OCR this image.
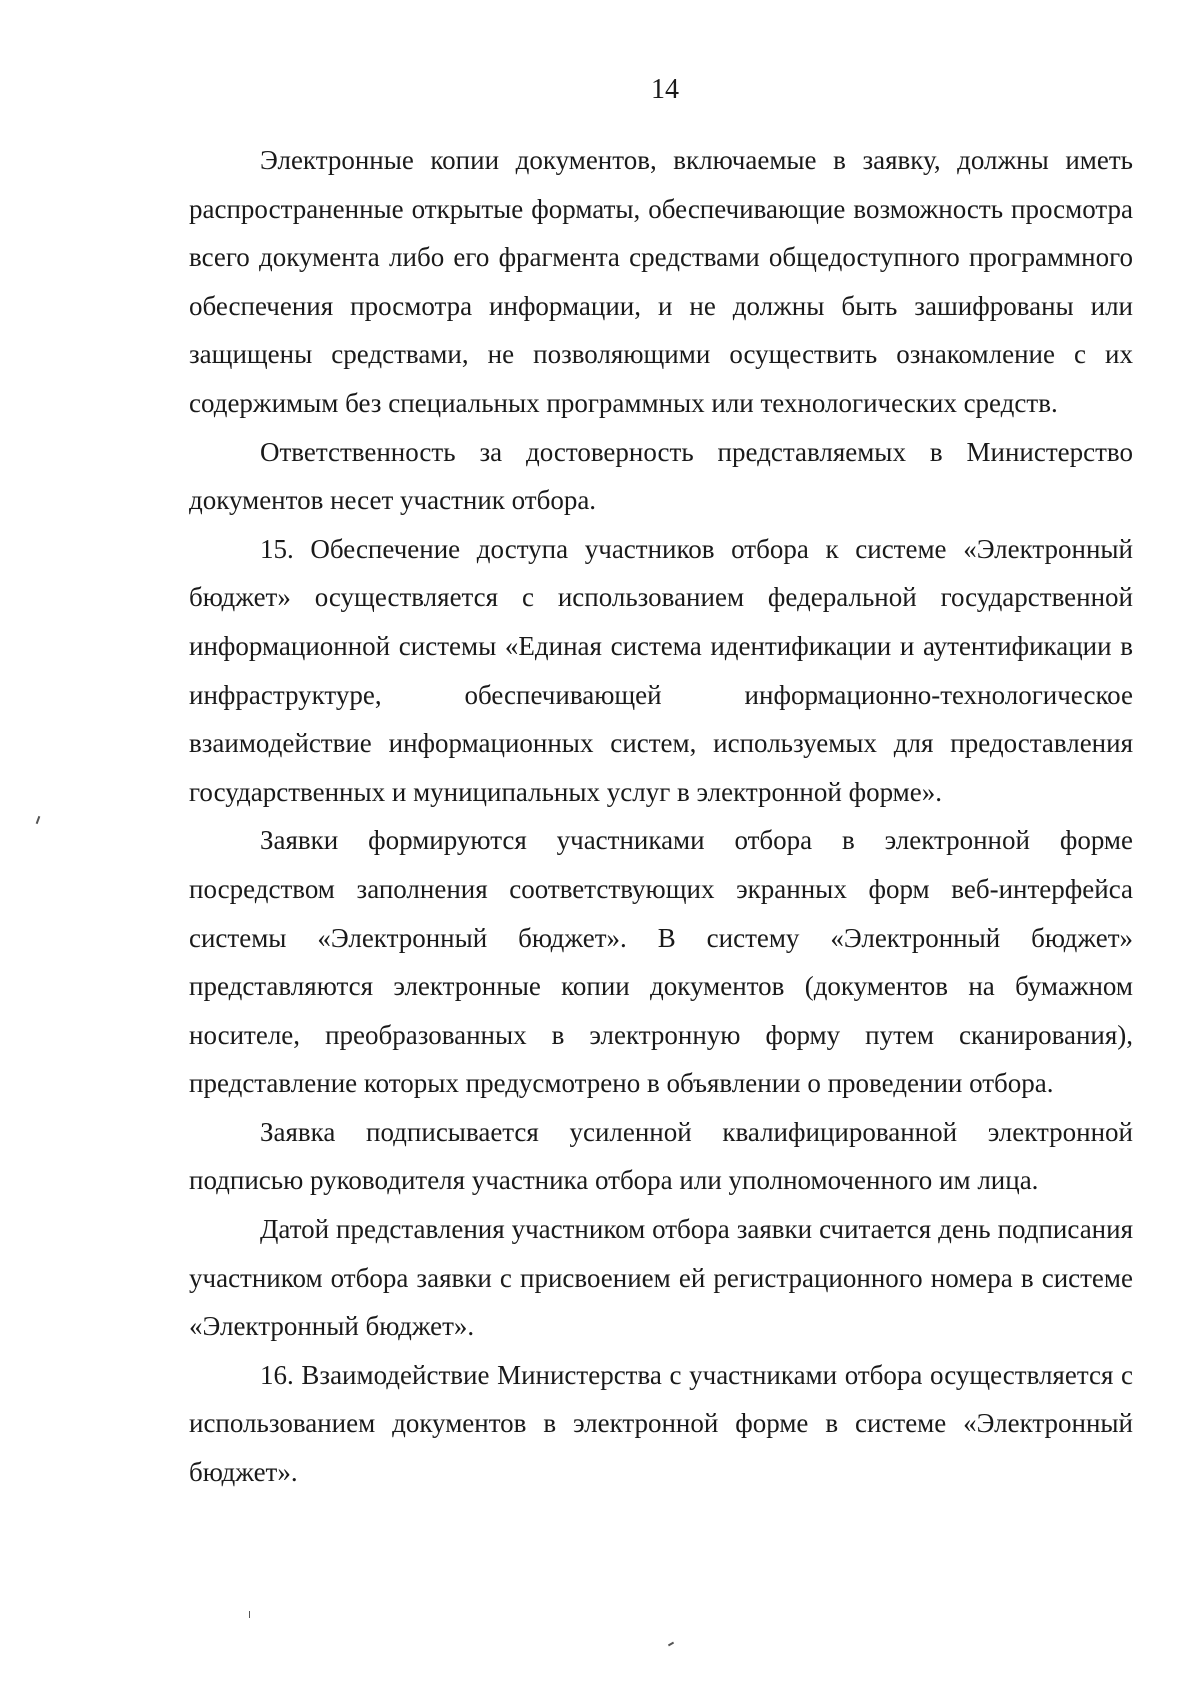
14

Электронные копии документов, включаемые в заявку, должны иметь распространенные открытые форматы, обеспечивающие возможность просмотра всего документа либо его фрагмента средствами общедоступного программного обеспечения просмотра информации, и не должны быть зашифрованы или защищены средствами, не позволяющими осуществить ознакомление с их содержимым без специальных программных или технологических средств.

Ответственность за достоверность представляемых в Министерство документов несет участник отбора.

15. Обеспечение доступа участников отбора к системе «Электронный бюджет» осуществляется с использованием федеральной государственной информационной системы «Единая система идентификации и аутентификации в инфраструктуре, обеспечивающей информационно-технологическое взаимодействие информационных систем, используемых для предоставления государственных и муниципальных услуг в электронной форме».

Заявки формируются участниками отбора в электронной форме посредством заполнения соответствующих экранных форм веб-интерфейса системы «Электронный бюджет». В систему «Электронный бюджет» представляются электронные копии документов (документов на бумажном носителе, преобразованных в электронную форму путем сканирования), представление которых предусмотрено в объявлении о проведении отбора.

Заявка подписывается усиленной квалифицированной электронной подписью руководителя участника отбора или уполномоченного им лица.

Датой представления участником отбора заявки считается день подписания участником отбора заявки с присвоением ей регистрационного номера в системе «Электронный бюджет».

16. Взаимодействие Министерства с участниками отбора осуществляется с использованием документов в электронной форме в системе «Электронный бюджет».
